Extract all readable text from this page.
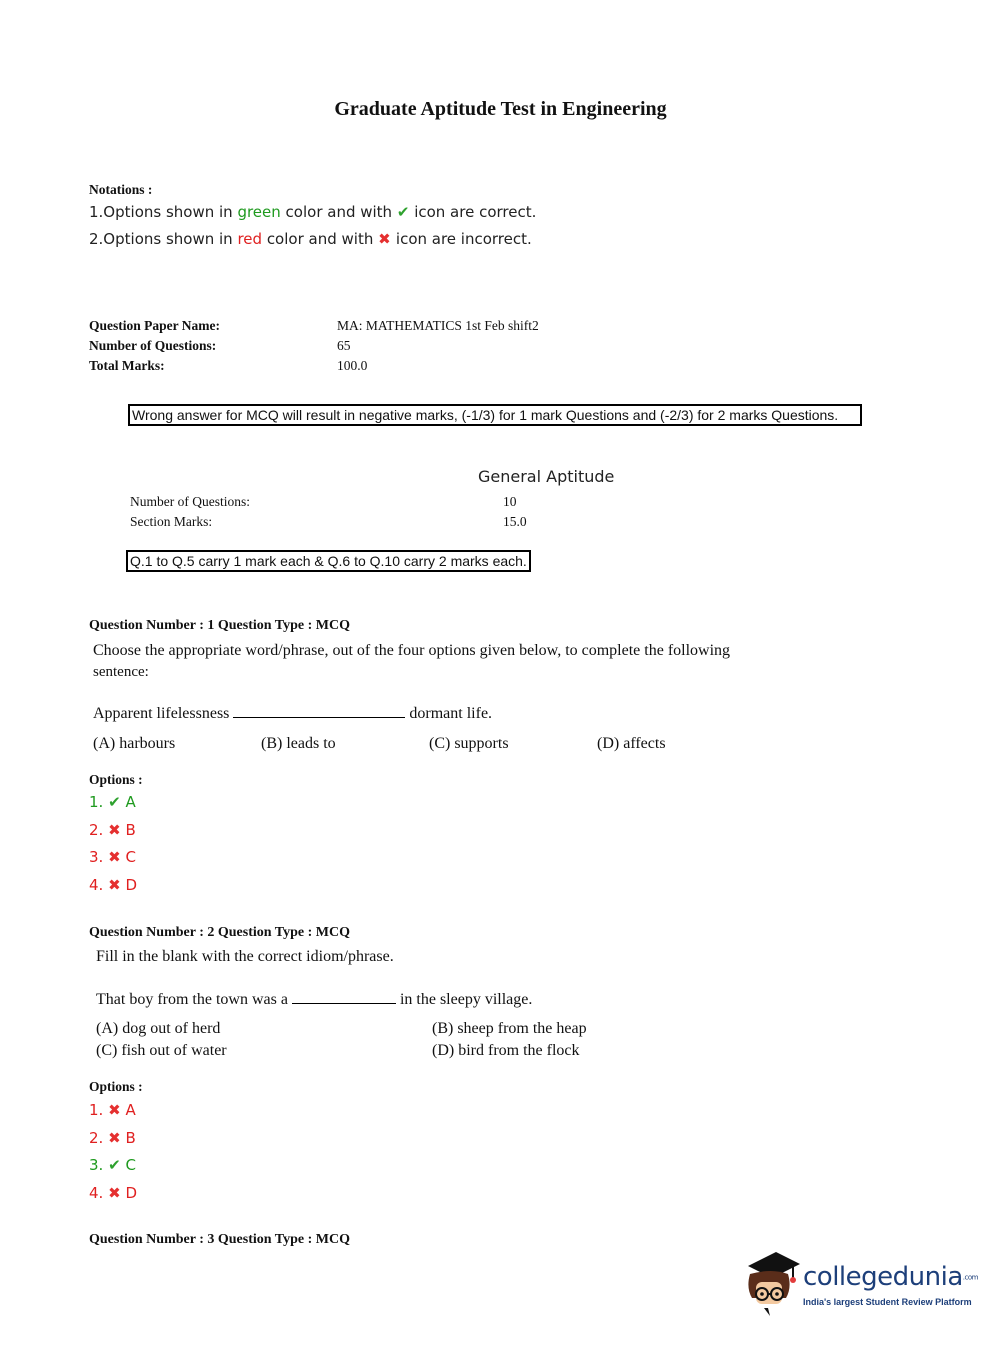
Graduate Aptitude Test in Engineering
Notations :
1.Options shown in green color and with ✔ icon are correct.
2.Options shown in red color and with ✖ icon are incorrect.
Question Paper Name:	MA: MATHEMATICS 1st Feb shift2
Number of Questions:	65
Total Marks:	100.0
Wrong answer for MCQ will result in negative marks, (-1/3) for 1 mark Questions and (-2/3) for 2 marks Questions.
General Aptitude
Number of Questions:	10
Section Marks:	15.0
Q.1 to Q.5 carry 1 mark each & Q.6 to Q.10 carry 2 marks each.
Question Number : 1 Question Type : MCQ
Choose the appropriate word/phrase, out of the four options given below, to complete the following
sentence:
Apparent lifelessness	dormant life.
(A) harbours	(B) leads to	(C) supports	(D) affects
Options :
1. ✔ A
2. ✖ B
3. ✖ C
4. ✖ D
Question Number : 2 Question Type : MCQ
Fill in the blank with the correct idiom/phrase.
That boy from the town was a	in the sleepy village.
(A) dog out of herd	(B) sheep from the heap
(C) fish out of water	(D) bird from the flock
Options :
1. ✖ A
2. ✖ B
3. ✔ C
4. ✖ D
Question Number : 3 Question Type : MCQ
collegedunia.com
India's largest Student Review Platform
